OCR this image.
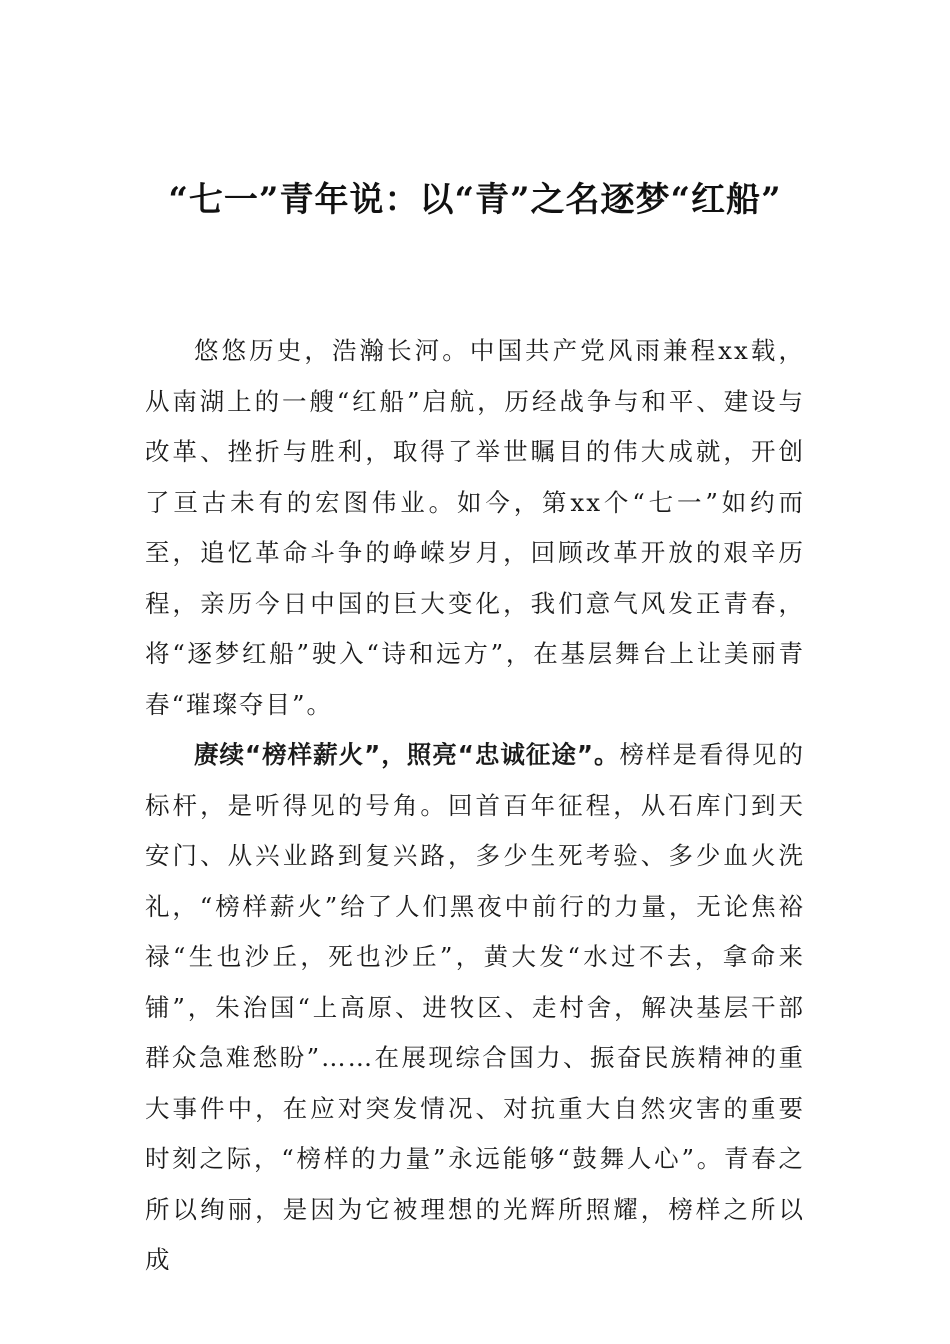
“七一”青年说：以“青”之名逐梦“红船”

悠悠历史，浩瀚长河。中国共产党风雨兼程xx载，从南湖上的一艘“红船”启航，历经战争与和平、建设与改革、挫折与胜利，取得了举世瞩目的伟大成就，开创了亘古未有的宏图伟业。如今，第xx个“七一”如约而至，追忆革命斗争的峥嵘岁月，回顾改革开放的艰辛历程，亲历今日中国的巨大变化，我们意气风发正青春，将“逐梦红船”驶入“诗和远方”，在基层舞台上让美丽青春“璀璨夺目”。

赓续“榜样薪火”，照亮“忠诚征途”。榜样是看得见的标杆，是听得见的号角。回首百年征程，从石库门到天安门、从兴业路到复兴路，多少生死考验、多少血火洗礼，“榜样薪火”给了人们黑夜中前行的力量，无论焦裕禄“生也沙丘，死也沙丘”，黄大发“水过不去，拿命来铺”，朱治国“上高原、进牧区、走村舍，解决基层干部群众急难愁盼”……在展现综合国力、振奋民族精神的重大事件中，在应对突发情况、对抗重大自然灾害的重要时刻之际，“榜样的力量”永远能够“鼓舞人心”。青春之所以绚丽，是因为它被理想的光辉所照耀，榜样之所以成
